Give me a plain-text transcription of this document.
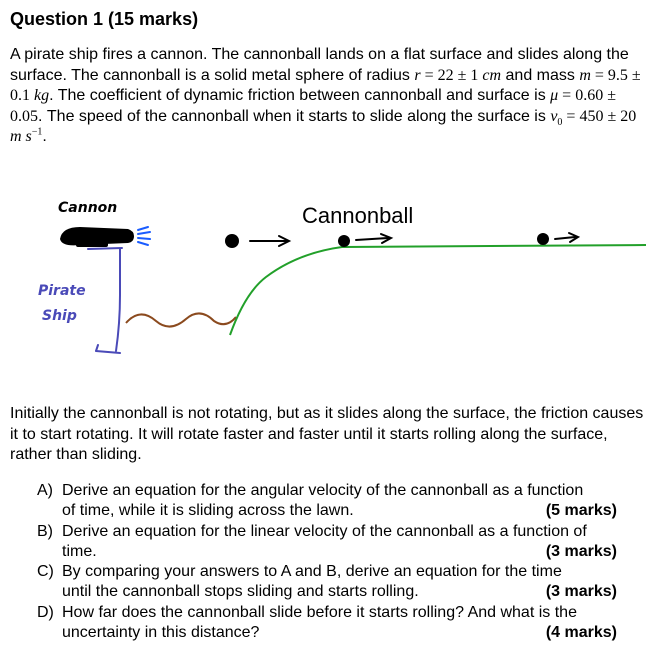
Question 1 (15 marks)

A pirate ship fires a cannon. The cannonball lands on a flat surface and slides along the surface. The cannonball is a solid metal sphere of radius r = 22 ± 1 cm and mass m = 9.5 ± 0.1 kg. The coefficient of dynamic friction between cannonball and surface is μ = 0.60 ± 0.05. The speed of the cannonball when it starts to slide along the surface is $v_0 = 450 \pm 20$ m $s^{-1}$.

Cannon	Cannonball
Pirate
Ship

Initially the cannonball is not rotating, but as it slides along the surface, the friction causes it to start rotating. It will rotate faster and faster until it starts rolling along the surface, rather than sliding.

A) Derive an equation for the angular velocity of the cannonball as a function
of time, while it is sliding across the lawn.	(5 marks)
B) Derive an equation for the linear velocity of the cannonball as a function of
time.	(3 marks)
C) By comparing your answers to A and B, derive an equation for the time
until the cannonball stops sliding and starts rolling.	(3 marks)
D) How far does the cannonball slide before it starts rolling? And what is the
uncertainty in this distance?	(4 marks)
